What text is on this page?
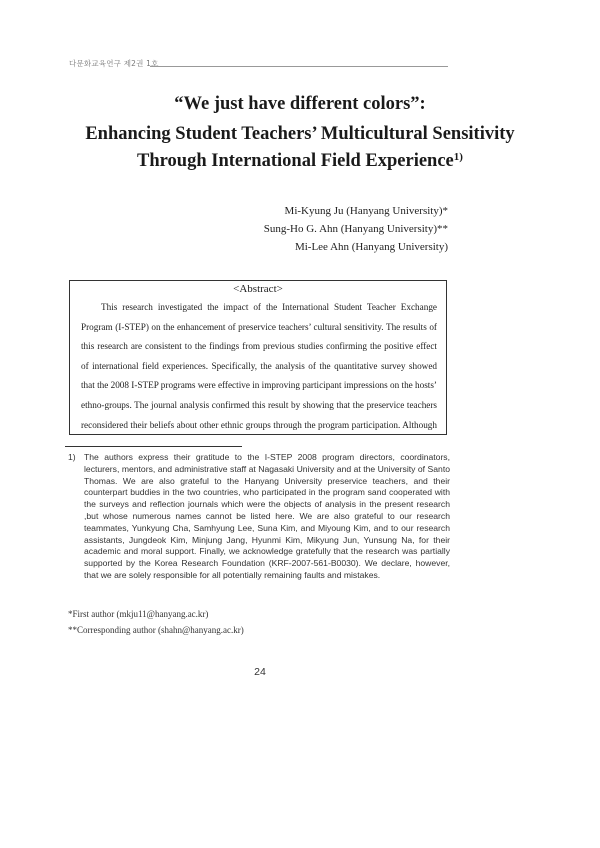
다문화교육연구 제2권 1호
“We just have different colors”:
Enhancing Student Teachers’ Multicultural Sensitivity
Through International Field Experience$^{1)}$
Mi-Kyung Ju (Hanyang University)*
Sung-Ho G. Ahn (Hanyang University)**
Mi-Lee Ahn (Hanyang University)
<Abstract>
This research investigated the impact of the International Student Teacher Exchange Program (I-STEP) on the enhancement of preservice teachers’ cultural sensitivity. The results of this research are consistent to the findings from previous studies confirming the positive effect of international field experiences. Specifically, the analysis of the quantitative survey showed that the 2008 I-STEP programs were effective in improving participant impressions on the hosts’ ethno-groups. The journal analysis confirmed this result by showing that the preservice teachers reconsidered their beliefs about other ethnic groups through the program participation. Although
1) The authors express their gratitude to the I-STEP 2008 program directors, coordinators, lecturers, mentors, and administrative staff at Nagasaki University and at the University of Santo Thomas. We are also grateful to the Hanyang University preservice teachers, and their counterpart buddies in the two countries, who participated in the program sand cooperated with the surveys and reflection journals which were the objects of analysis in the present research ,but whose numerous names cannot be listed here. We are also grateful to our research teammates, Yunkyung Cha, Samhyung Lee, Suna Kim, and Miyoung Kim, and to our research assistants, Jungdeok Kim, Minjung Jang, Hyunmi Kim, Mikyung Jun, Yunsung Na, for their academic and moral support. Finally, we acknowledge gratefully that the research was partially supported by the Korea Research Foundation (KRF-2007-561-B0030). We declare, however, that we are solely responsible for all potentially remaining faults and mistakes.
*First author (mkju11@hanyang.ac.kr)
**Corresponding author (shahn@hanyang.ac.kr)
24
